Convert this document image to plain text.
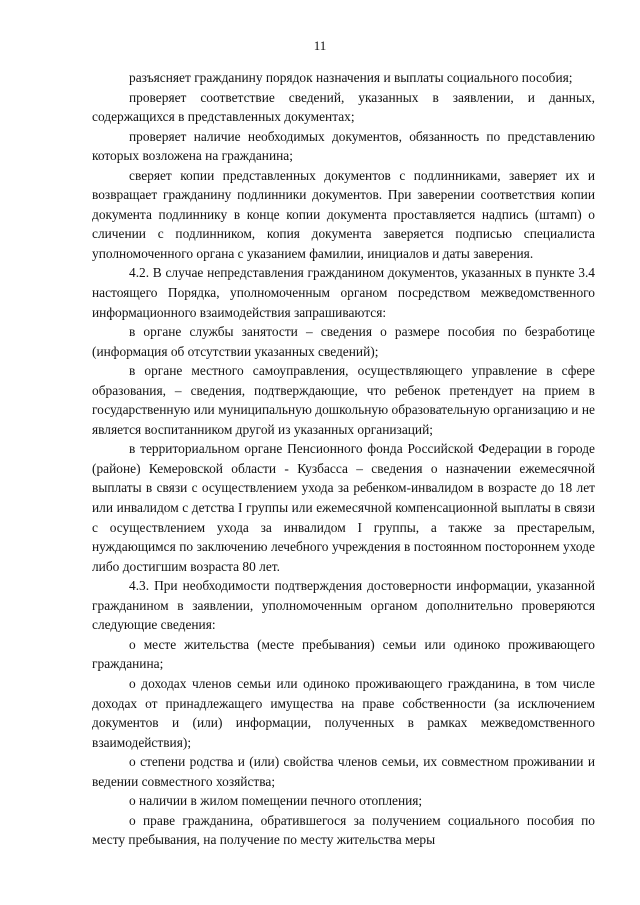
11

разъясняет гражданину порядок назначения и выплаты социального пособия;

проверяет соответствие сведений, указанных в заявлении, и данных, содержащихся в представленных документах;

проверяет наличие необходимых документов, обязанность по представлению которых возложена на гражданина;

сверяет копии представленных документов с подлинниками, заверяет их и возвращает гражданину подлинники документов. При заверении соответствия копии документа подлиннику в конце копии документа проставляется надпись (штамп) о сличении с подлинником, копия документа заверяется подписью специалиста уполномоченного органа с указанием фамилии, инициалов и даты заверения.

4.2. В случае непредставления гражданином документов, указанных в пункте 3.4 настоящего Порядка, уполномоченным органом посредством межведомственного информационного взаимодействия запрашиваются:

в органе службы занятости – сведения о размере пособия по безработице (информация об отсутствии указанных сведений);

в органе местного самоуправления, осуществляющего управление в сфере образования, – сведения, подтверждающие, что ребенок претендует на прием в государственную или муниципальную дошкольную образовательную организацию и не является воспитанником другой из указанных организаций;

в территориальном органе Пенсионного фонда Российской Федерации в городе (районе) Кемеровской области - Кузбасса – сведения о назначении ежемесячной выплаты в связи с осуществлением ухода за ребенком-инвалидом в возрасте до 18 лет или инвалидом с детства I группы или ежемесячной компенсационной выплаты в связи с осуществлением ухода за инвалидом I группы, а также за престарелым, нуждающимся по заключению лечебного учреждения в постоянном постороннем уходе либо достигшим возраста 80 лет.

4.3. При необходимости подтверждения достоверности информации, указанной гражданином в заявлении, уполномоченным органом дополнительно проверяются следующие сведения:

о месте жительства (месте пребывания) семьи или одиноко проживающего гражданина;

о доходах членов семьи или одиноко проживающего гражданина, в том числе доходах от принадлежащего имущества на праве собственности (за исключением документов и (или) информации, полученных в рамках межведомственного взаимодействия);

о степени родства и (или) свойства членов семьи, их совместном проживании и ведении совместного хозяйства;

о наличии в жилом помещении печного отопления;

о праве гражданина, обратившегося за получением социального пособия по месту пребывания, на получение по месту жительства меры
